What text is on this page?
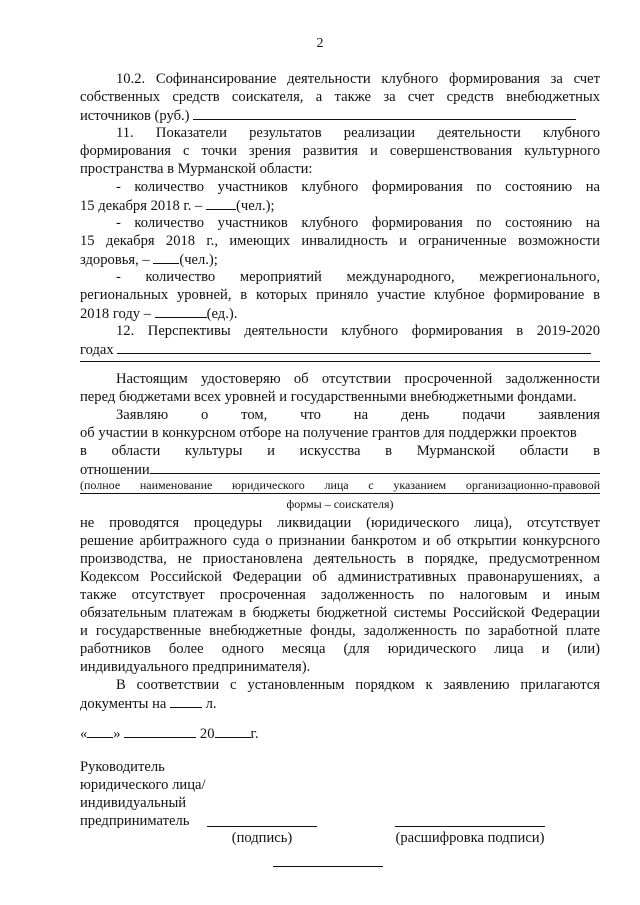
2
10.2. Софинансирование деятельности клубного формирования за счет
собственных средств соискателя, а также за счет средств внебюджетных
источников (руб.)
11. Показатели результатов реализации деятельности клубного
формирования с точки зрения развития и совершенствования культурного
пространства в Мурманской области:
- количество участников клубного формирования по состоянию на
15 декабря 2018 г. – (чел.);
- количество участников клубного формирования по состоянию на
15 декабря 2018 г., имеющих инвалидность и ограниченные возможности
здоровья, – (чел.);
- количество мероприятий международного, межрегионального,
региональных уровней, в которых приняло участие клубное формирование в
2018 году –	(ед.).
12. Перспективы деятельности клубного формирования в 2019-2020
годах
Настоящим удостоверяю об отсутствии просроченной задолженности
перед бюджетами всех уровней и государственными внебюджетными фондами.
Заявляю о том, что на день подачи заявления
об участии в конкурсном отборе на получение грантов для поддержки проектов
в области культуры и искусства в Мурманской области в
отношении
(полное наименование юридического лица с указанием организационно-правовой
формы – соискателя)
не проводятся процедуры ликвидации (юридического лица), отсутствует
решение арбитражного суда о признании банкротом и об открытии конкурсного
производства, не приостановлена деятельность в порядке, предусмотренном
Кодексом Российской Федерации об административных правонарушениях, а
также отсутствует просроченная задолженность по налоговым и иным
обязательным платежам в бюджеты бюджетной системы Российской Федерации
и государственные внебюджетные фонды, задолженность по заработной плате
работников более одного месяца (для юридического лица и (или)
индивидуального предпринимателя).
В соответствии с установленным порядком к заявлению прилагаются
документы на  л.
« »	20 г.
Руководитель
юридического лица/
индивидуальный
предприниматель
(подпись)	(расшифровка подписи)
